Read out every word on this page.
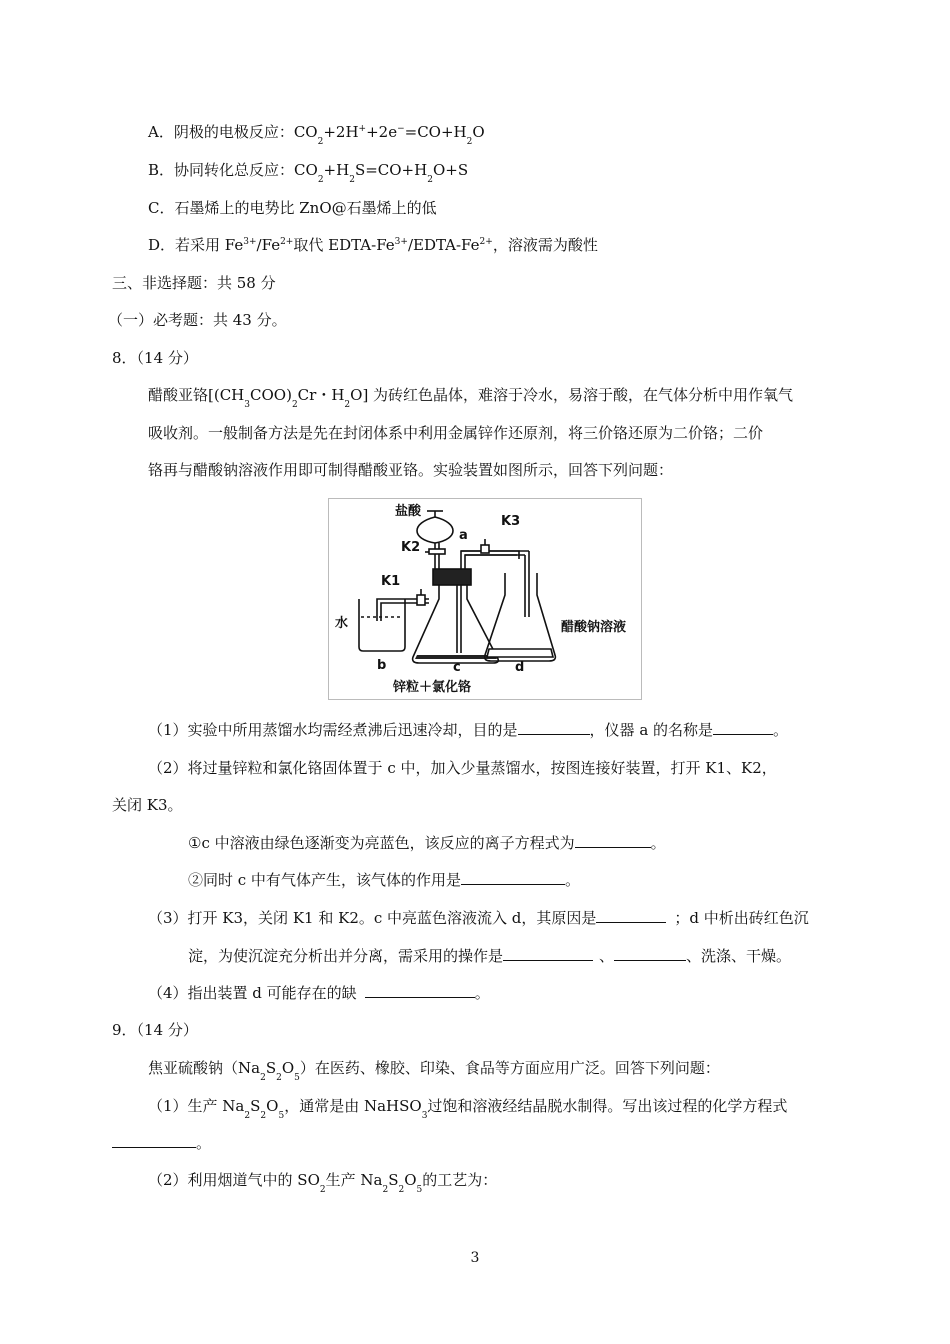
A．阴极的电极反应：$CO_2+2H^++2e^-=CO+H_2O$
B．协同转化总反应：$CO_2+H_2S=CO+H_2O+S$
C．石墨烯上的电势比 ZnO@石墨烯上的低
D．若采用 $Fe^{3+}/Fe^{2+}$取代 EDTA-$Fe^{3+}/EDTA-Fe^{2+}$，溶液需为酸性
三、非选择题：共 58 分
（一）必考题：共 43 分。
8．（14 分）
醋酸亚铬[$(CH_3COO)_2Cr$・$H_2O$] 为砖红色晶体，难溶于冷水，易溶于酸，在气体分析中用作氧气
吸收剂。一般制备方法是先在封闭体系中利用金属锌作还原剂，将三价铬还原为二价铬；二价
铬再与醋酸钠溶液作用即可制得醋酸亚铬。实验装置如图所示，回答下列问题：
盐酸
K3
a
K2
K1
水	醋酸钠溶液
b	c	d
锌粒＋氯化铬
（1）实验中所用蒸馏水均需经煮沸后迅速冷却，目的是	，仪器 a 的名称是	。
（2）将过量锌粒和氯化铬固体置于 c 中，加入少量蒸馏水，按图连接好装置，打开 K1、K2，
关闭 K3。
①c 中溶液由绿色逐渐变为亮蓝色，该反应的离子方程式为	。
②同时 c 中有气体产生，该气体的作用是	。
（3）打开 K3，关闭 K1 和 K2。c 中亮蓝色溶液流入 d，其原因是	；d 中析出砖红色沉
淀，为使沉淀充分析出并分离，需采用的操作是	、	、洗涤、干燥。
（4）指出装置 d 可能存在的缺	。
9．（14 分）
焦亚硫酸钠$(Na_2S_2O_5)$在医药、橡胶、印染、食品等方面应用广泛。回答下列问题：
（1）生产 $Na_2S_2O_5$，通常是由 NaHSO$_3$过饱和溶液经结晶脱水制得。写出该过程的化学方程式
。
（2）利用烟道气中的 $SO_2$生产 $Na_2S_2O_5$的工艺为：
3
